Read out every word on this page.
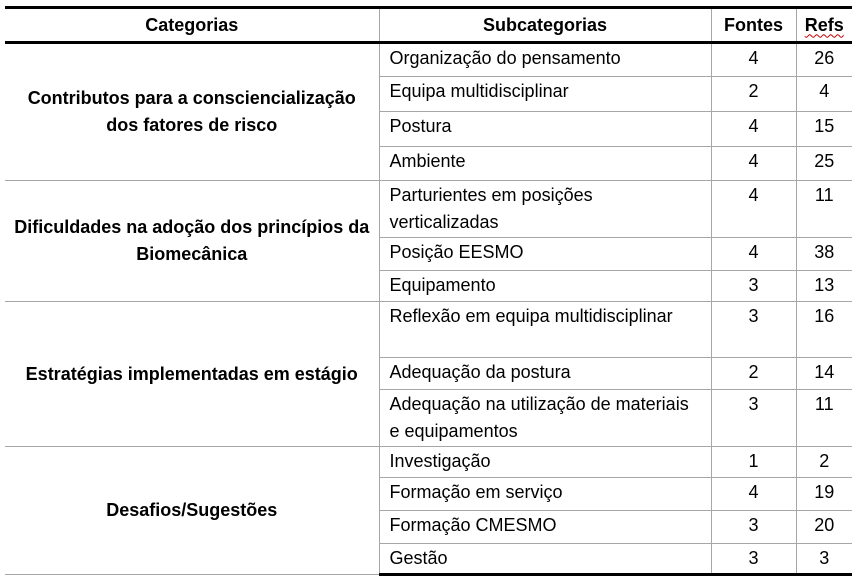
Categorias	Subcategorias	Fontes	Refs
Contributos para a consciencialização dos fatores de risco	Organização do pensamento	4	26
	Equipa multidisciplinar	2	4
	Postura	4	15
	Ambiente	4	25
Dificuldades na adoção dos princípios da Biomecânica	Parturientes em posições verticalizadas	4	11
	Posição EESMO	4	38
	Equipamento	3	13
Estratégias implementadas em estágio	Reflexão em equipa multidisciplinar	3	16
	Adequação da postura	2	14
	Adequação na utilização de materiais e equipamentos	3	11
Desafios/Sugestões	Investigação	1	2
	Formação em serviço	4	19
	Formação CMESMO	3	20
	Gestão	3	3
